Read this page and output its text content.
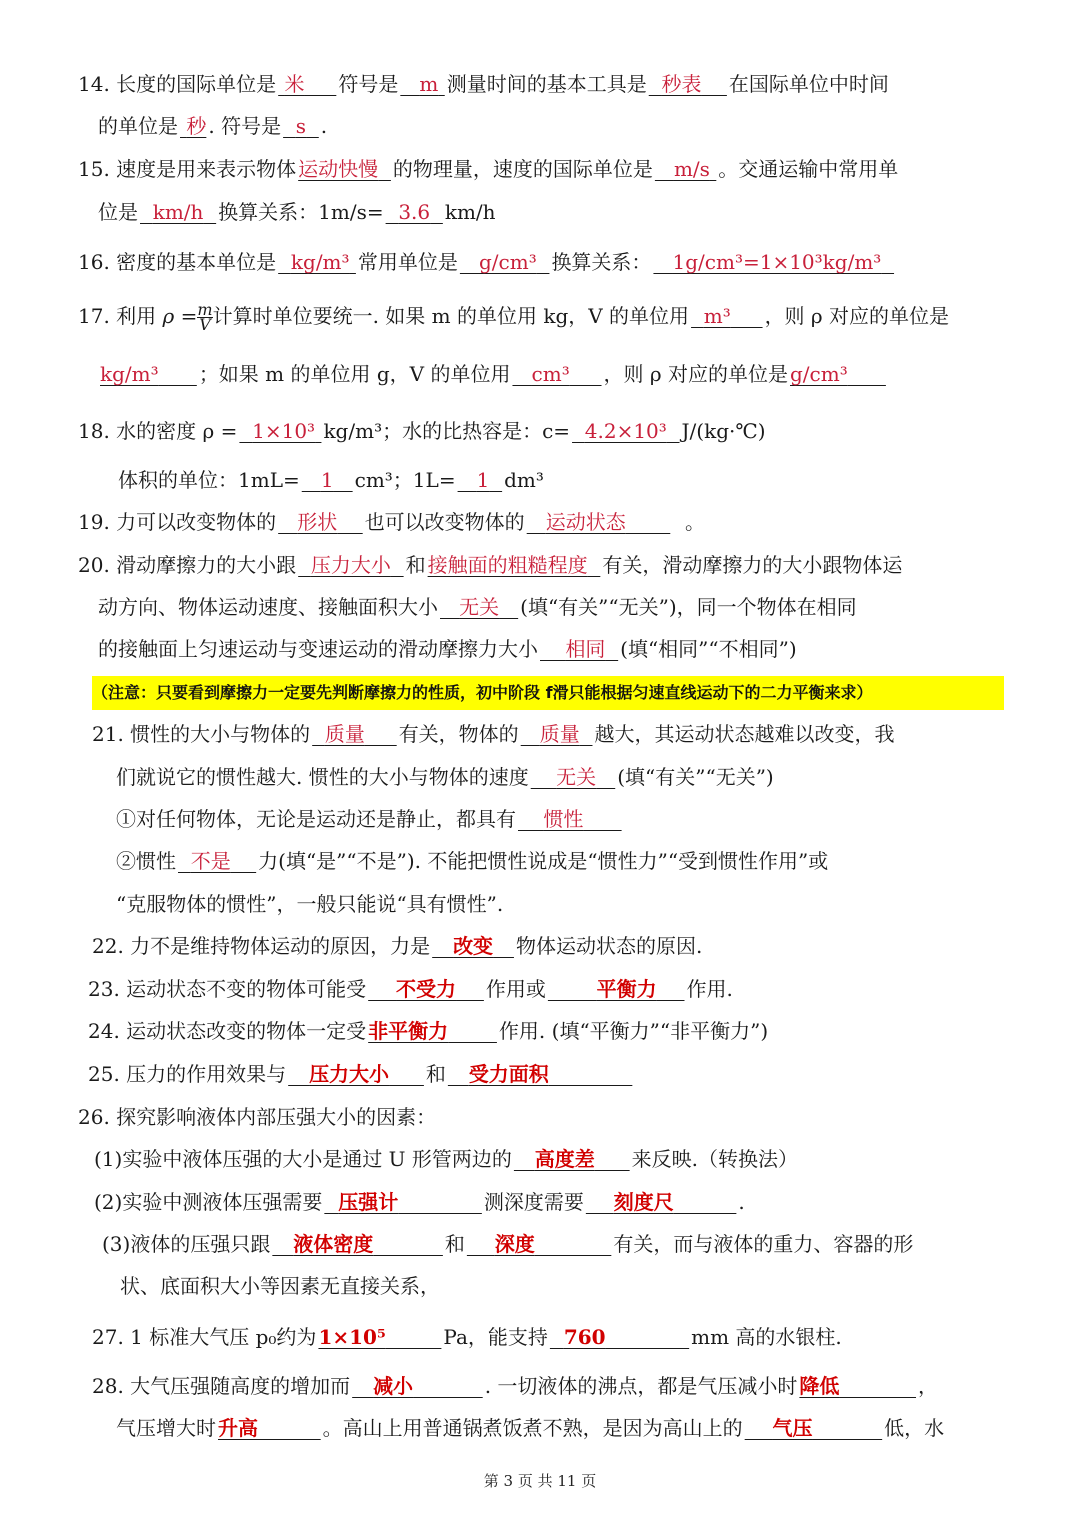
14. 长度的国际单位是 米 符号是 m 测量时间的基本工具是 秒表 在国际单位中时间
的单位是 秒 . 符号是 s .
15. 速度是用来表示物体 运动快慢 的物理量，速度的国际单位是 m/s 。交通运输中常用单
位是 km/h 换算关系：1m/s= 3.6 km/h
16. 密度的基本单位是 kg/m³ 常用单位是 g/cm³ 换算关系： 1g/cm³=1×10³kg/m³
17. 利用 $\rho = \frac{m}{V}$ 计算时单位要统一. 如果 m 的单位用 kg，V 的单位用 m³ ，则 ρ 对应的单位是
kg/m³ ；如果 m 的单位用 g，V 的单位用 cm³ ，则 ρ 对应的单位是 g/cm³
18. 水的密度 ρ = 1×10³ kg/m³；水的比热容是：c= 4.2×10³ J/(kg·℃)
体积的单位：1mL= 1 cm³；1L= 1 dm³
19. 力可以改变物体的 形状 也可以改变物体的 运动状态	。
20. 滑动摩擦力的大小跟 压力大小 和 接触面的粗糙程度 有关，滑动摩擦力的大小跟物体运
动方向、物体运动速度、接触面积大小 无关 (填“有关”“无关”)，同一个物体在相同
的接触面上匀速运动与变速运动的滑动摩擦力大小 相同 (填“相同”“不相同”)
（注意：只要看到摩擦力一定要先判断摩擦力的性质，初中阶段 f滑只能根据匀速直线运动下的二力平衡来求）
21. 惯性的大小与物体的 质量 有关，物体的 质量 越大，其运动状态越难以改变，我
们就说它的惯性越大. 惯性的大小与物体的速度 无关 (填“有关”“无关”)
①对任何物体，无论是运动还是静止，都具有 惯性
②惯性 不是 力(填“是”“不是”). 不能把惯性说成是“惯性力”“受到惯性作用”或
“克服物体的惯性”，一般只能说“具有惯性”.
22. 力不是维持物体运动的原因，力是 改变 物体运动状态的原因.
23. 运动状态不变的物体可能受 不受力 作用或	平衡力 作用.
24. 运动状态改变的物体一定受 非平衡力	作用. (填“平衡力”“非平衡力”)
25. 压力的作用效果与 压力大小 和 受力面积
26. 探究影响液体内部压强大小的因素：
(1)实验中液体压强的大小是通过 U 形管两边的 高度差 来反映.（转换法）
(2)实验中测液体压强需要 压强计	测深度需要 刻度尺	.
(3)液体的压强只跟 液体密度	和 深度	有关，而与液体的重力、容器的形
状、底面积大小等因素无直接关系，
27. 1 标准大气压 p₀约为 1×10⁵	Pa，能支持 760	mm 高的水银柱.
28. 大气压强随高度的增加而 减小	. 一切液体的沸点，都是气压减小时 降低	，
气压增大时 升高	。高山上用普通锅煮饭煮不熟，是因为高山上的 气压	低，水
第 3 页 共 11 页
